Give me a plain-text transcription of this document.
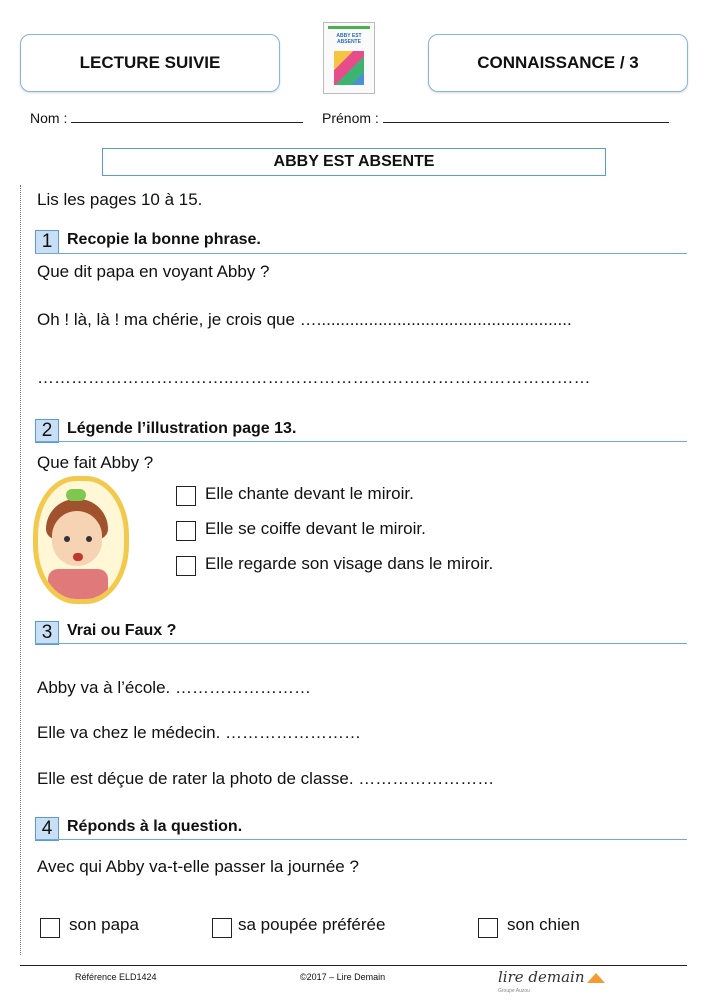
LECTURE SUIVIE
ABBY EST ABSENTE
CONNAISSANCE / 3
Nom :	Prénom :
ABBY EST ABSENTE
Lis les pages 10 à 15.
1 Recopie la bonne phrase.
Que dit papa en voyant Abby ?
Oh ! là, là ! ma chérie, je crois que …......................................................
……………………………..………………………………………………………
2 Légende l’illustration page 13.
Que fait Abby ?
Elle chante devant le miroir.
Elle se coiffe devant le miroir.
Elle regarde son visage dans le miroir.
3 Vrai ou Faux ?
Abby va à l’école. ……………………
Elle va chez le médecin. ……………………
Elle est déçue de rater la photo de classe. ……………………
4 Réponds à la question.
Avec qui Abby va-t-elle passer la journée ?
son papa	sa poupée préférée	son chien
Référence ELD1424	©2017 – Lire Demain	lire demain
Groupe Auzou
